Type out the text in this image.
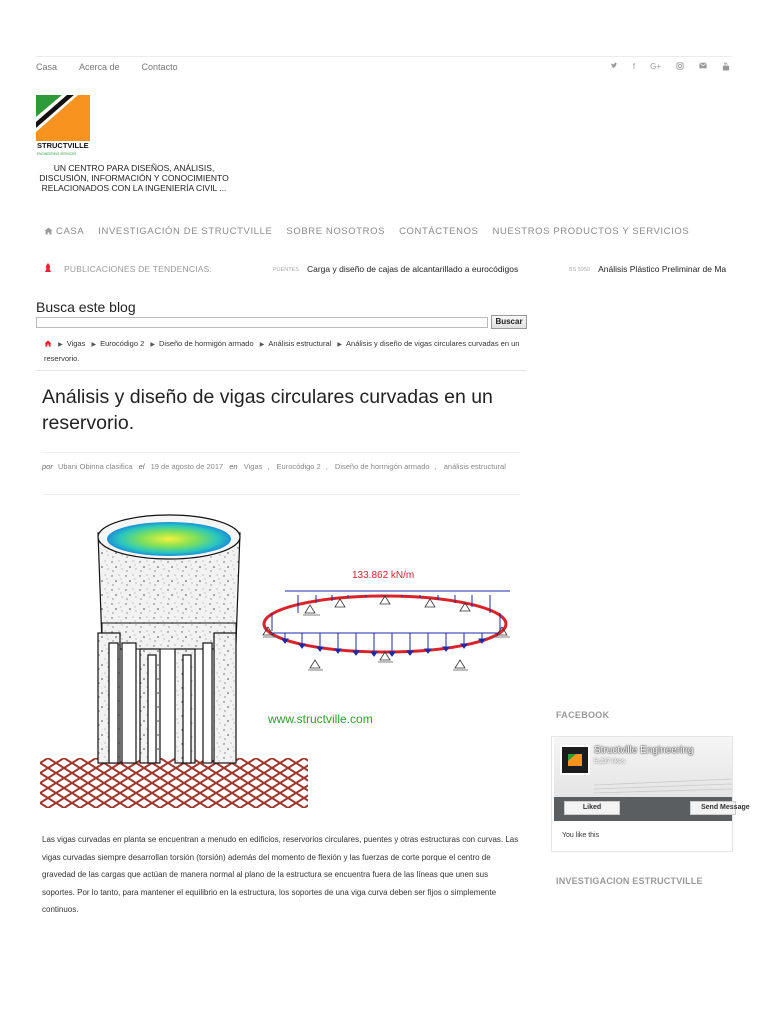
Casa Acerca de Contacto	f G+
STRUCTVILLE
ENGINEERING SERVICES
UN CENTRO PARA DISEÑOS, ANÁLISIS, DISCUSIÓN, INFORMACIÓN Y CONOCIMIENTO RELACIONADOS CON LA INGENIERÍA CIVIL ...
CASA INVESTIGACIÓN DE STRUCTVILLE SOBRE NOSOTROS CONTÁCTENOS NUESTROS PRODUCTOS Y SERVICIOS
PUBLICACIONES DE TENDENCIAS:	PUENTES Carga y diseño de cajas de alcantarillado a eurocódigos	BS 5950 Análisis Plástico Preliminar de Ma
Busca este blog
Buscar
▶ Vigas ▶ Eurocódigo 2 ▶ Diseño de hormigón armado ▶ Análisis estructural ▶ Análisis y diseño de vigas circulares curvadas en un reservorio.
Análisis y diseño de vigas circulares curvadas en un reservorio.
por Ubani Obinna clasifica el 19 de agosto de 2017 en Vigas , Eurocódigo 2 , Diseño de hormigón armado , análisis estructural
133.862 kN/m
www.structville.com

Las vigas curvadas en planta se encuentran a menudo en edificios, reservorios circulares, puentes y otras estructuras con curvas. Las vigas curvadas siempre desarrollan torsión (torsión) además del momento de flexión y las fuerzas de corte porque el centro de gravedad de las cargas que actúan de manera normal al plano de la estructura se encuentra fuera de las líneas que unen sus soportes. Por lo tanto, para mantener el equilibrio en la estructura, los soportes de una viga curva deben ser fijos o simplemente continuos.

FACEBOOK
Structville Engineering
5,237 likes
Liked	Send Message
You like this
INVESTIGACION ESTRUCTVILLE
